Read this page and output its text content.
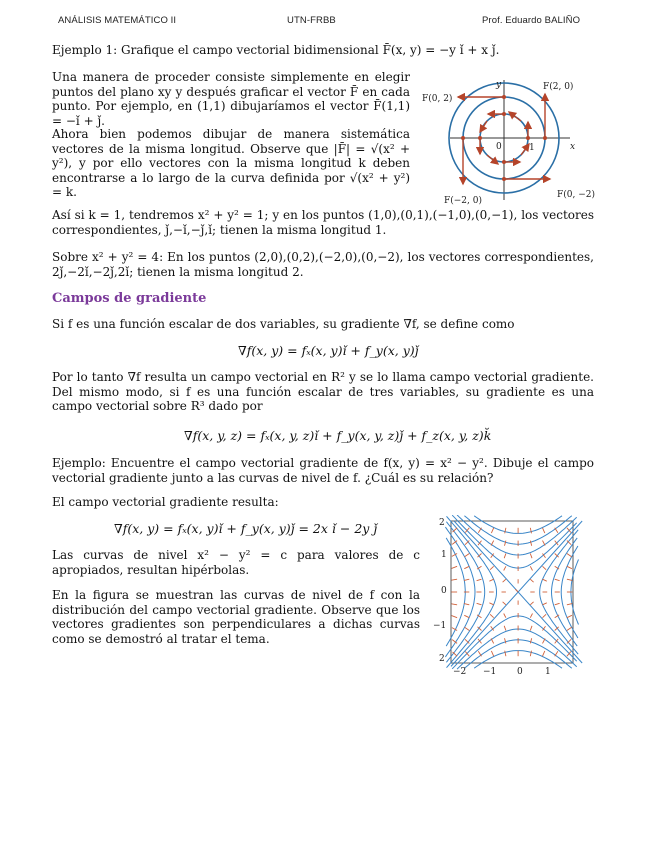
ANÁLISIS MATEMÁTICO II	UTN-FRBB	Prof. Eduardo BALIÑO

Ejemplo 1: Grafique el campo vectorial bidimensional F̄(x, y) = −y ı̌ + x ȷ̌.

Una manera de proceder consiste simplemente en elegir puntos del plano xy y después graficar el vector F̄ en cada punto. Por ejemplo, en (1,1) dibujaríamos el vector F̄(1,1) = −ı̌ + ȷ̌.

Ahora bien podemos dibujar de manera sistemática vectores de la misma longitud. Observe que |F̄| = √(x² + y²), y por ello vectores con la misma longitud k deben encontrarse a lo largo de la curva definida por √(x² + y²) = k.

Así si k = 1, tendremos x² + y² = 1; y en los puntos (1,0),(0,1),(−1,0),(0,−1), los vectores correspondientes, ȷ̌,−ı̌,−ȷ̌,ı̌; tienen la misma longitud 1.

Sobre x² + y² = 4: En los puntos (2,0),(0,2),(−2,0),(0,−2), los vectores correspondientes, 2ȷ̌,−2ı̌,−2ȷ̌,2ı̌; tienen la misma longitud 2.

F(2, 0)
F(0, 2)
F(−2, 0)
F(0, −2)
y
x
0	1
Campos de gradiente

Si f es una función escalar de dos variables, su gradiente ∇̄f, se define como

∇̄f(x, y) = fₓ(x, y)ı̌ + f_y(x, y)ȷ̌

Por lo tanto ∇̄f resulta un campo vectorial en R² y se lo llama campo vectorial gradiente. Del mismo modo, si f es una función escalar de tres variables, su gradiente es una campo vectorial sobre R³ dado por

∇̄f(x, y, z) = fₓ(x, y, z)ı̌ + f_y(x, y, z)ȷ̌ + f_z(x, y, z)k̆

Ejemplo: Encuentre el campo vectorial gradiente de f(x, y) = x² − y². Dibuje el campo vectorial gradiente junto a las curvas de nivel de f. ¿Cuál es su relación?

El campo vectorial gradiente resulta:

∇̄f(x, y) = fₓ(x, y)ı̌ + f_y(x, y)ȷ̌ = 2x ı̌ − 2y ȷ̌

Las curvas de nivel x² − y² = c para valores de c apropiados, resultan hipérbolas.

En la figura se muestran las curvas de nivel de f con la distribución del campo vectorial gradiente. Observe que los vectores gradientes son perpendiculares a dichas curvas como se demostró al tratar el tema.

2
1
0
−1
2
−2 −1 0 1
